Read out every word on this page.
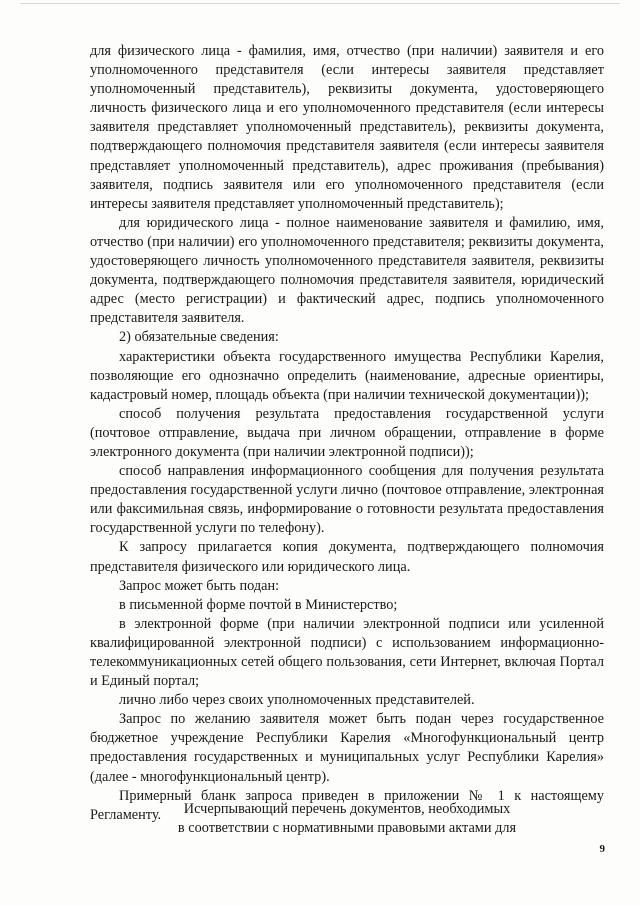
для физического лица - фамилия, имя, отчество (при наличии) заявителя и его уполномоченного представителя (если интересы заявителя представляет уполномоченный представитель), реквизиты документа, удостоверяющего личность физического лица и его уполномоченного представителя (если интересы заявителя представляет уполномоченный представитель), реквизиты документа, подтверждающего полномочия представителя заявителя (если интересы заявителя представляет уполномоченный представитель), адрес проживания (пребывания) заявителя, подпись заявителя или его уполномоченного представителя (если интересы заявителя представляет уполномоченный представитель);

для юридического лица - полное наименование заявителя и фамилию, имя, отчество (при наличии) его уполномоченного представителя; реквизиты документа, удостоверяющего личность уполномоченного представителя заявителя, реквизиты документа, подтверждающего полномочия представителя заявителя, юридический адрес (место регистрации) и фактический адрес, подпись уполномоченного представителя заявителя.

2) обязательные сведения:

характеристики объекта государственного имущества Республики Карелия, позволяющие его однозначно определить (наименование, адресные ориентиры, кадастровый номер, площадь объекта (при наличии технической документации));

способ получения результата предоставления государственной услуги (почтовое отправление, выдача при личном обращении, отправление в форме электронного документа (при наличии электронной подписи));

способ направления информационного сообщения для получения результата предоставления государственной услуги лично (почтовое отправление, электронная или факсимильная связь, информирование о готовности результата предоставления государственной услуги по телефону).

К запросу прилагается копия документа, подтверждающего полномочия представителя физического или юридического лица.

Запрос может быть подан:

в письменной форме почтой в Министерство;

в электронной форме (при наличии электронной подписи или усиленной квалифицированной электронной подписи) с использованием информационно-телекоммуникационных сетей общего пользования, сети Интернет, включая Портал и Единый портал;

лично либо через своих уполномоченных представителей.

Запрос по желанию заявителя может быть подан через государственное бюджетное учреждение Республики Карелия «Многофункциональный центр предоставления государственных и муниципальных услуг Республики Карелия» (далее - многофункциональный центр).

Примерный бланк запроса приведен в приложении № 1 к настоящему Регламенту.	Исчерпывающий перечень документов, необходимых
в соответствии с нормативными правовыми актами для
9
